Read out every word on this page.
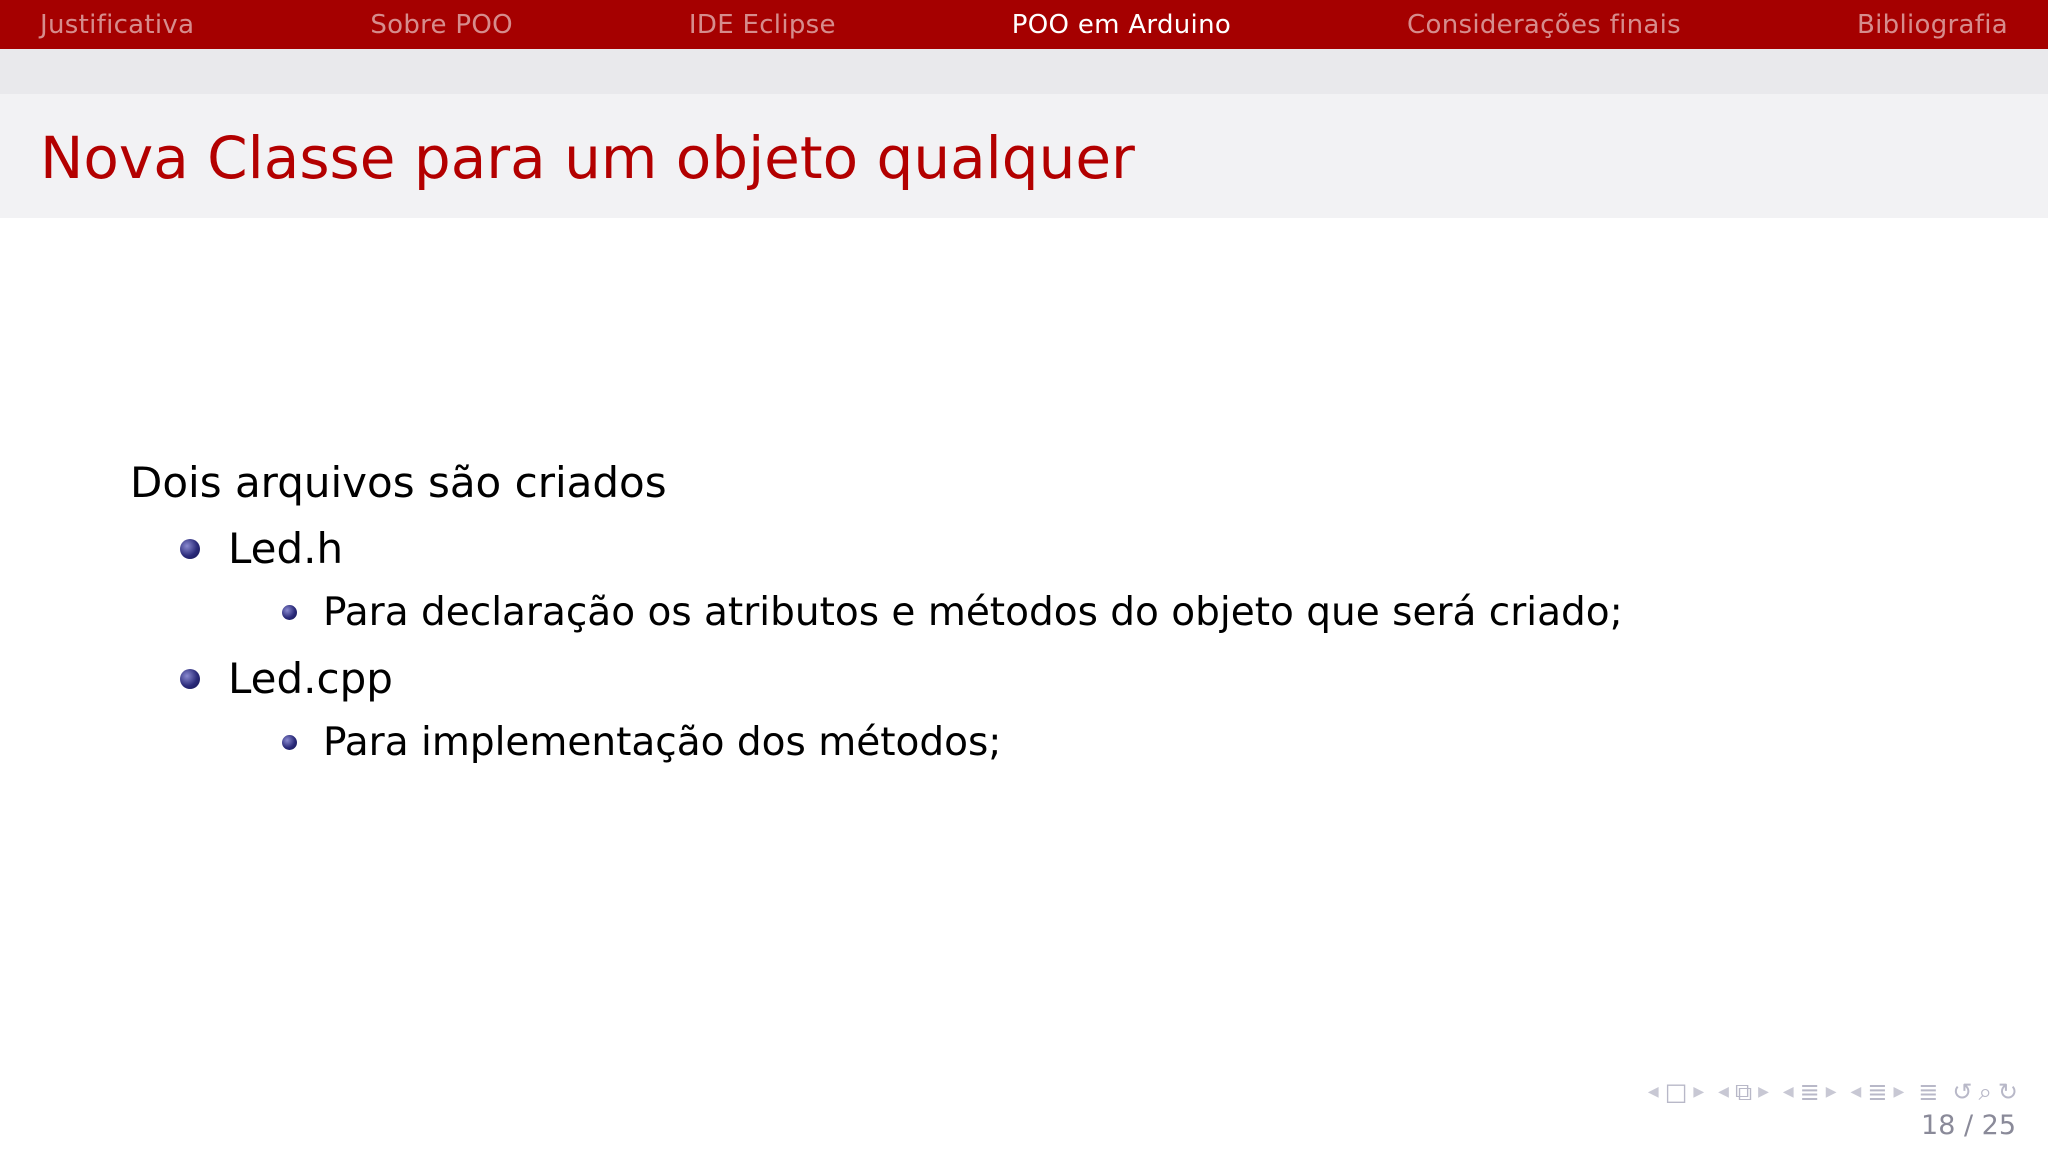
Justificativa	Sobre POO	IDE Eclipse	POO em Arduino	Considerações finais	Bibliografia
Nova Classe para um objeto qualquer
Dois arquivos são criados
Led.h
Para declaração os atributos e métodos do objeto que será criado;
Led.cpp
Para implementação dos métodos;
◀ □ ▶ ◀ ⧉ ▶ ◀ ≣ ▶ ◀ ≣ ▶ ≣ ↺ ⌕ ↻
18 / 25
